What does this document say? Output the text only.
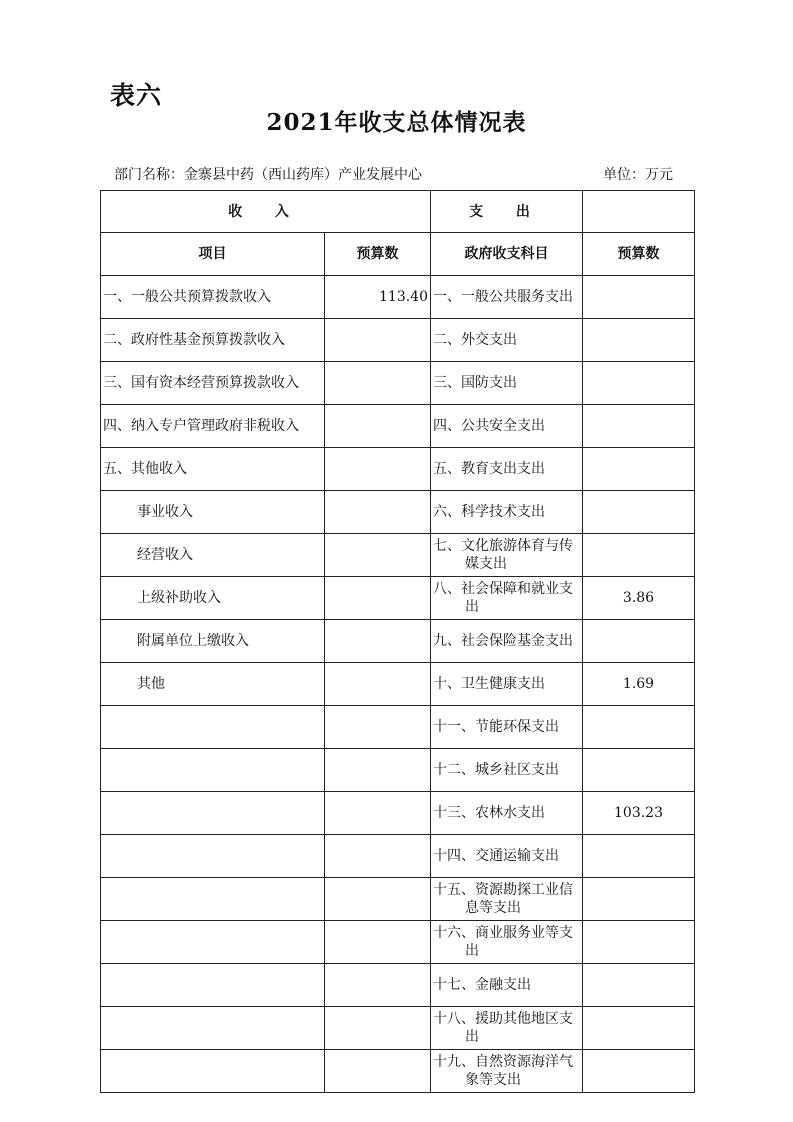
表六
2021年收支总体情况表
部门名称：金寨县中药（西山药库）产业发展中心	单位：万元
收 入		支 出	
项目	预算数	政府收支科目	预算数
一、一般公共预算拨款收入	113.40	一、一般公共服务支出	
二、政府性基金预算拨款收入		二、外交支出	
三、国有资本经营预算拨款收入		三、国防支出	
四、纳入专户管理政府非税收入		四、公共安全支出	
五、其他收入		五、教育支出支出	
事业收入		六、科学技术支出	
经营收入		七、文化旅游体育与传媒支出	
上级补助收入		八、社会保障和就业支出	3.86
附属单位上缴收入		九、社会保险基金支出	
其他		十、卫生健康支出	1.69
		十一、节能环保支出	
		十二、城乡社区支出	
		十三、农林水支出	103.23
		十四、交通运输支出	
		十五、资源勘探工业信息等支出	
		十六、商业服务业等支出	
		十七、金融支出	
		十八、援助其他地区支出	
		十九、自然资源海洋气象等支出	
